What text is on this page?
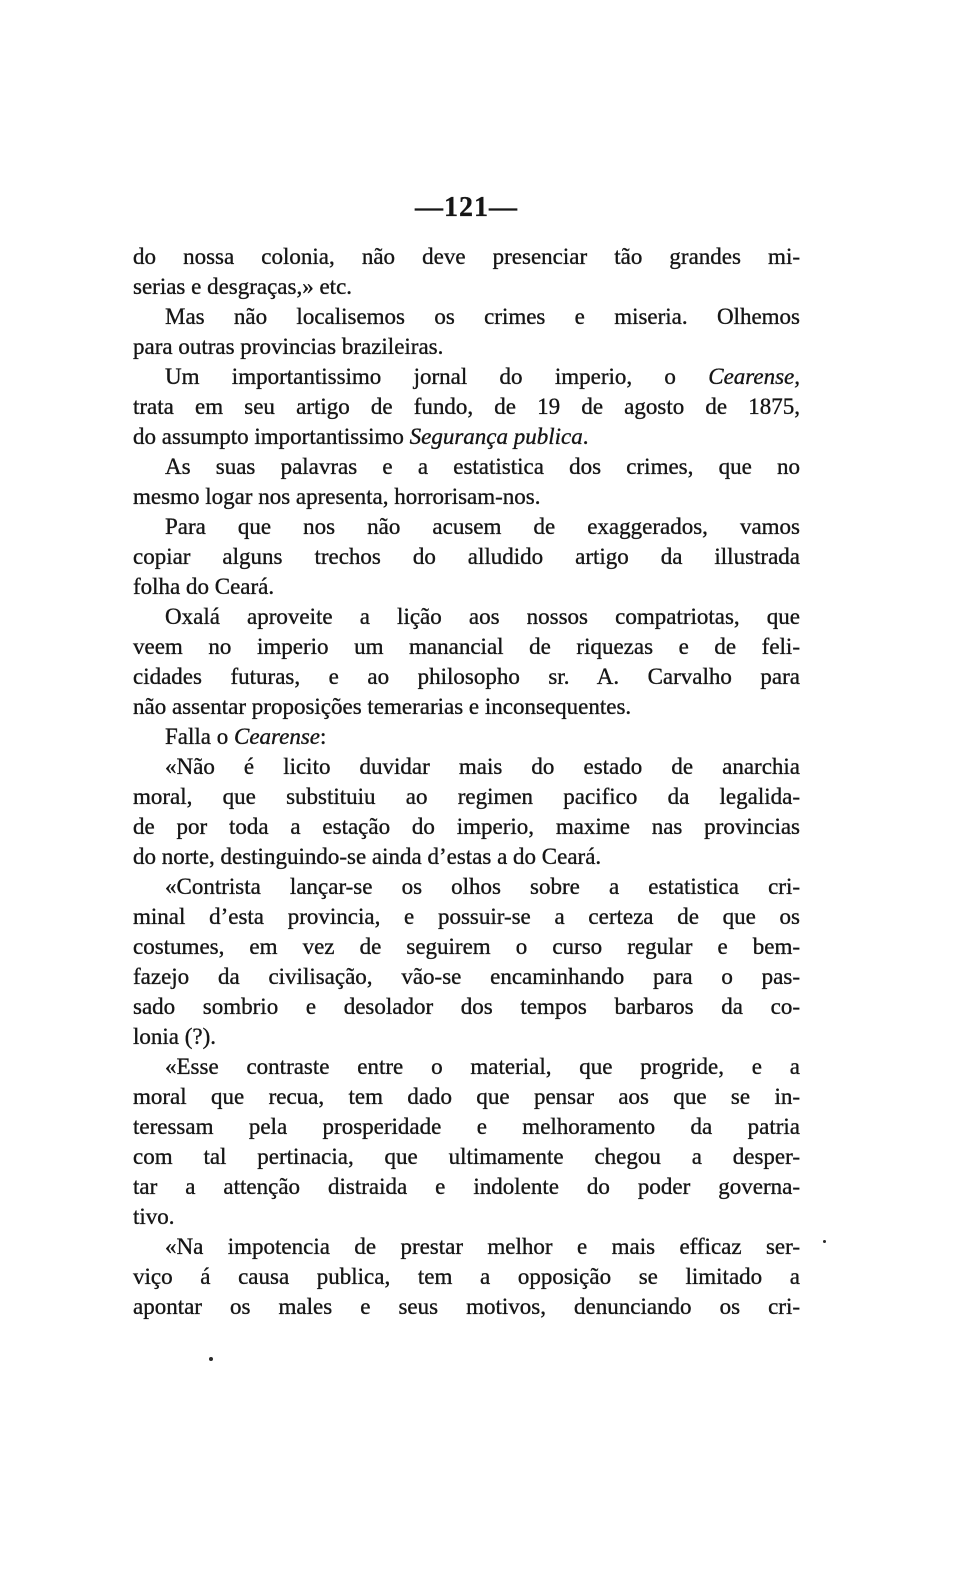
—121—
do nossa colonia, não deve presenciar tão grandes mi-
serias e desgraças,» etc.
Mas não localisemos os crimes e miseria. Olhemos
para outras provincias brazileiras.
Um importantissimo jornal do imperio, o Cearense,
trata em seu artigo de fundo, de 19 de agosto de 1875,
do assumpto importantissimo Segurança publica.
As suas palavras e a estatistica dos crimes, que no
mesmo logar nos apresenta, horrorisam-nos.
Para que nos não acusem de exaggerados, vamos
copiar alguns trechos do alludido artigo da illustrada
folha do Ceará.
Oxalá aproveite a lição aos nossos compatriotas, que
veem no imperio um manancial de riquezas e de feli-
cidades futuras, e ao philosopho sr. A. Carvalho para
não assentar proposições temerarias e inconsequentes.
Falla o Cearense:
«Não é licito duvidar mais do estado de anarchia
moral, que substituiu ao regimen pacifico da legalida-
de por toda a estação do imperio, maxime nas provincias
do norte, destinguindo-se ainda d’estas a do Ceará.
«Contrista lançar-se os olhos sobre a estatistica cri-
minal d’esta provincia, e possuir-se a certeza de que os
costumes, em vez de seguirem o curso regular e bem-
fazejo da civilisação, vão-se encaminhando para o pas-
sado sombrio e desolador dos tempos barbaros da co-
lonia (?).
«Esse contraste entre o material, que progride, e a
moral que recua, tem dado que pensar aos que se in-
teressam pela prosperidade e melhoramento da patria
com tal pertinacia, que ultimamente chegou a desper-
tar a attenção distraida e indolente do poder governa-
tivo.
«Na impotencia de prestar melhor e mais efficaz ser-
viço á causa publica, tem a opposição se limitado a
apontar os males e seus motivos, denunciando os cri-
